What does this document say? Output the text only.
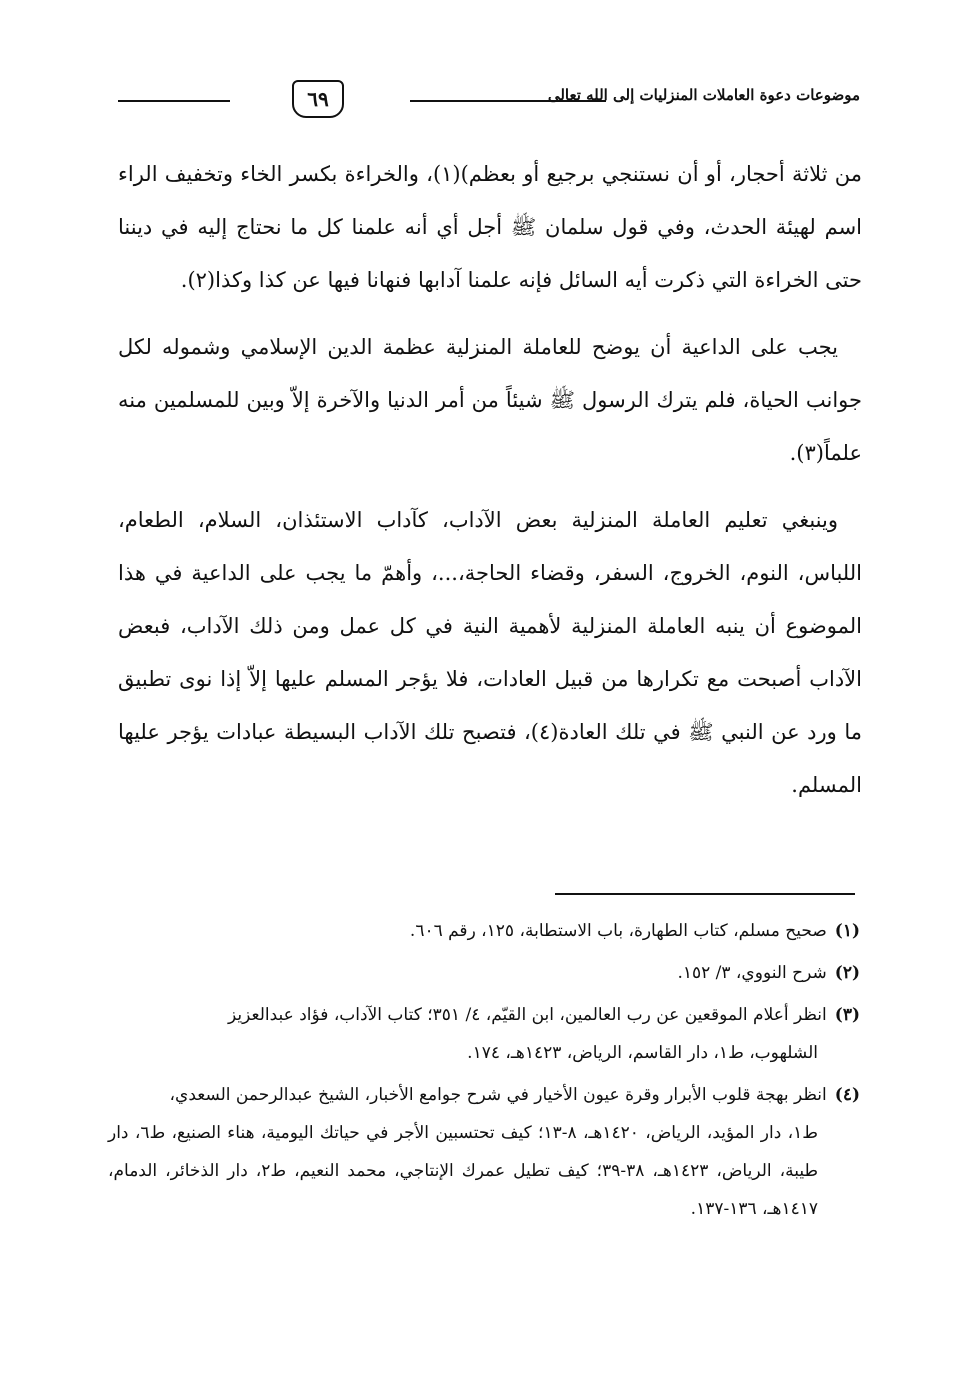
٦٩	موضوعات دعوة العاملات المنزليات إلى الله تعالى

من ثلاثة أحجار، أو أن نستنجي برجيع أو بعظم)(١)، والخراءة بكسر الخاء وتخفيف الراء اسم لهيئة الحدث، وفي قول سلمان ﷺ أجل أي أنه علمنا كل ما نحتاج إليه في ديننا حتى الخراءة التي ذكرت أيه السائل فإنه علمنا آدابها فنهانا فيها عن كذا وكذا(٢).

يجب على الداعية أن يوضح للعاملة المنزلية عظمة الدين الإسلامي وشموله لكل جوانب الحياة، فلم يترك الرسول ﷺ شيئاً من أمر الدنيا والآخرة إلاّ وبين للمسلمين منه علماً(٣).

وينبغي تعليم العاملة المنزلية بعض الآداب، كآداب الاستئذان، السلام، الطعام، اللباس، النوم، الخروج، السفر، وقضاء الحاجة،...، وأهمّ ما يجب على الداعية في هذا الموضوع أن ينبه العاملة المنزلية لأهمية النية في كل عمل ومن ذلك الآداب، فبعض الآداب أصبحت مع تكرارها من قبيل العادات، فلا يؤجر المسلم عليها إلاّ إذا نوى تطبيق ما ورد عن النبي ﷺ في تلك العادة(٤)، فتصبح تلك الآداب البسيطة عبادات يؤجر عليها المسلم.

(١)صحيح مسلم، كتاب الطهارة، باب الاستطابة، ١٢٥، رقم ٦٠٦.
(٢)شرح النووي، ٣/ ١٥٢.
(٣)انظر أعلام الموقعين عن رب العالمين، ابن القيّم، ٤/ ٣٥١؛ كتاب الآداب، فؤاد عبدالعزيز
الشلهوب، ط١، دار القاسم، الرياض، ١٤٢٣هـ، ١٧٤.
(٤)انظر بهجة قلوب الأبرار وقرة عيون الأخيار في شرح جوامع الأخبار، الشيخ عبدالرحمن السعدي،
ط١، دار المؤيد، الرياض، ١٤٢٠هـ، ٨-١٣؛ كيف تحتسبين الأجر في حياتك اليومية، هناء الصنيع، ط٦، دار طيبة، الرياض، ١٤٢٣هـ، ٣٨-٣٩؛ كيف تطيل عمرك الإنتاجي، محمد النعيم، ط٢، دار الذخائر، الدمام، ١٤١٧هـ، ١٣٦-١٣٧.
